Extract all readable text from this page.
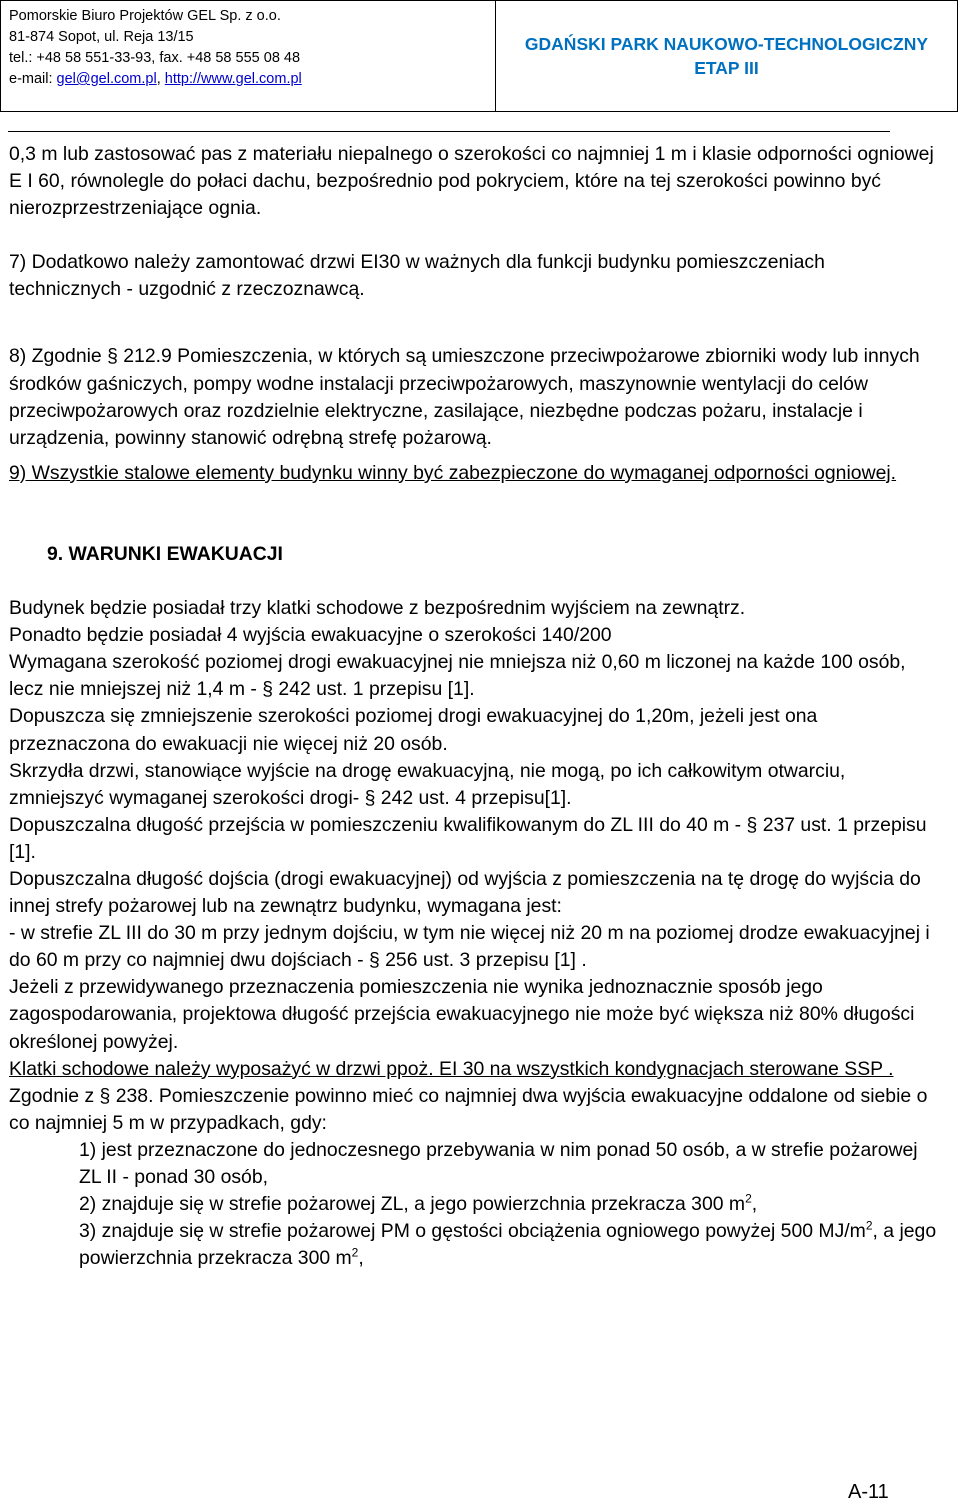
Pomorskie Biuro Projektów GEL Sp. z o.o.
81-874 Sopot, ul. Reja 13/15
tel.: +48 58 551-33-93, fax. +48 58 555 08 48
e-mail: gel@gel.com.pl, http://www.gel.com.pl
GDAŃSKI PARK NAUKOWO-TECHNOLOGICZNY
ETAP III

0,3 m lub zastosować pas z materiału niepalnego o szerokości co najmniej 1 m i klasie odporności ogniowej E I 60, równolegle do połaci dachu, bezpośrednio pod pokryciem, które na tej szerokości powinno być nierozprzestrzeniające ognia.

7) Dodatkowo należy zamontować drzwi EI30 w ważnych dla funkcji budynku pomieszczeniach technicznych - uzgodnić z rzeczoznawcą.

8) Zgodnie § 212.9 Pomieszczenia, w których są umieszczone przeciwpożarowe zbiorniki wody lub innych środków gaśniczych, pompy wodne instalacji przeciwpożarowych, maszynownie wentylacji do celów przeciwpożarowych oraz rozdzielnie elektryczne, zasilające, niezbędne podczas pożaru, instalacje i urządzenia, powinny stanowić odrębną strefę pożarową.

9) Wszystkie stalowe elementy budynku winny być zabezpieczone do wymaganej odporności ogniowej.

9. WARUNKI EWAKUACJI

Budynek będzie posiadał trzy klatki schodowe z bezpośrednim wyjściem na zewnątrz.

Ponadto będzie posiadał 4 wyjścia ewakuacyjne o szerokości 140/200

Wymagana szerokość poziomej drogi ewakuacyjnej nie mniejsza niż 0,60 m liczonej na każde 100 osób, lecz nie mniejszej niż 1,4 m - § 242 ust. 1 przepisu [1].

Dopuszcza się zmniejszenie szerokości poziomej drogi ewakuacyjnej do 1,20m, jeżeli jest ona przeznaczona do ewakuacji nie więcej niż 20 osób.

Skrzydła drzwi, stanowiące wyjście na drogę ewakuacyjną, nie mogą, po ich całkowitym otwarciu, zmniejszyć wymaganej szerokości drogi- § 242 ust. 4 przepisu[1].

Dopuszczalna długość przejścia w pomieszczeniu kwalifikowanym do ZL III do 40 m - § 237 ust. 1 przepisu [1].

Dopuszczalna długość dojścia (drogi ewakuacyjnej) od wyjścia z pomieszczenia na tę drogę do wyjścia do innej strefy pożarowej lub na zewnątrz budynku, wymagana jest:

- w strefie ZL III do 30 m przy jednym dojściu, w tym nie więcej niż 20 m na poziomej drodze ewakuacyjnej i do 60 m przy co najmniej dwu dojściach - § 256 ust. 3 przepisu [1] .

Jeżeli z przewidywanego przeznaczenia pomieszczenia nie wynika jednoznacznie sposób jego zagospodarowania, projektowa długość przejścia ewakuacyjnego nie może być większa niż 80% długości określonej powyżej.

Klatki schodowe należy wyposażyć w drzwi ppoż. EI 30 na wszystkich kondygnacjach sterowane SSP .

Zgodnie z § 238. Pomieszczenie powinno mieć co najmniej dwa wyjścia ewakuacyjne oddalone od siebie o co najmniej 5 m w przypadkach, gdy:

1) jest przeznaczone do jednoczesnego przebywania w nim ponad 50 osób, a w strefie pożarowej ZL II - ponad 30 osób,

2) znajduje się w strefie pożarowej ZL, a jego powierzchnia przekracza 300 $m^2$,

3) znajduje się w strefie pożarowej PM o gęstości obciążenia ogniowego powyżej 500 $MJ/m^2$, a jego powierzchnia przekracza 300 $m^2$,

A-11
